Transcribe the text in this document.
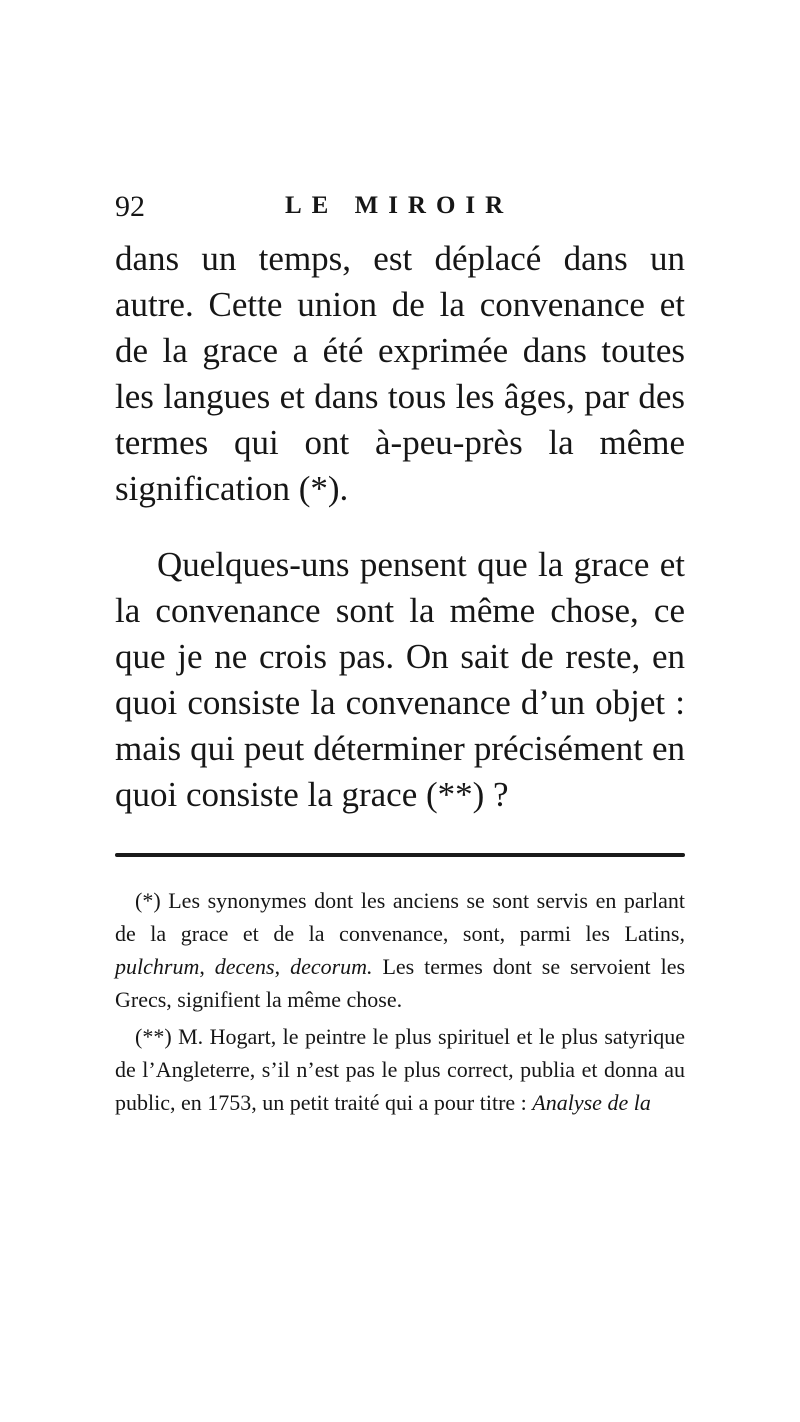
92	LE MIROIR

dans un temps, est déplacé dans un autre. Cette union de la convenance et de la grace a été exprimée dans toutes les langues et dans tous les âges, par des termes qui ont à-peu-près la même signification (*).

Quelques-uns pensent que la grace et la convenance sont la même chose, ce que je ne crois pas. On sait de reste, en quoi consiste la convenance d’un objet : mais qui peut déterminer précisément en quoi consiste la grace (**) ?

(*) Les synonymes dont les anciens se sont servis en parlant de la grace et de la convenance, sont, parmi les Latins, pulchrum, decens, decorum. Les termes dont se servoient les Grecs, signifient la même chose.

(**) M. Hogart, le peintre le plus spirituel et le plus satyrique de l’Angleterre, s’il n’est pas le plus correct, publia et donna au public, en 1753, un petit traité qui a pour titre : Analyse de la
